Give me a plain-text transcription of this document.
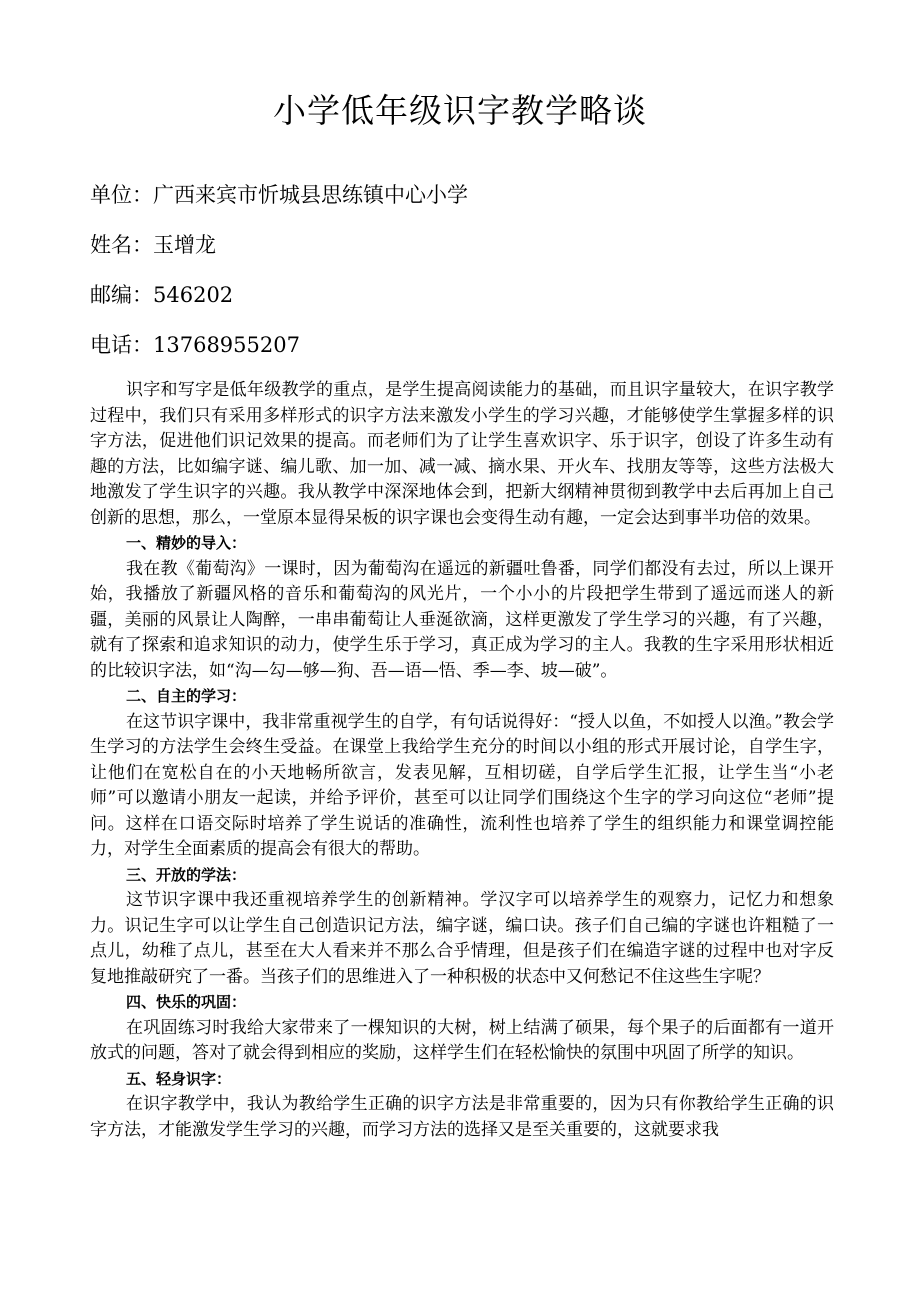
小学低年级识字教学略谈

单位：广西来宾市忻城县思练镇中心小学

姓名：玉增龙

邮编：546202

电话：13768955207

识字和写字是低年级教学的重点，是学生提高阅读能力的基础，而且识字量较大，在识字教学过程中，我们只有采用多样形式的识字方法来激发小学生的学习兴趣，才能够使学生掌握多样的识字方法，促进他们识记效果的提高。而老师们为了让学生喜欢识字、乐于识字，创设了许多生动有趣的方法，比如编字谜、编儿歌、加一加、减一减、摘水果、开火车、找朋友等等，这些方法极大地激发了学生识字的兴趣。我从教学中深深地体会到，把新大纲精神贯彻到教学中去后再加上自己创新的思想，那么，一堂原本显得呆板的识字课也会变得生动有趣，一定会达到事半功倍的效果。

一、精妙的导入：

我在教《葡萄沟》一课时，因为葡萄沟在遥远的新疆吐鲁番，同学们都没有去过，所以上课开始，我播放了新疆风格的音乐和葡萄沟的风光片，一个小小的片段把学生带到了遥远而迷人的新疆，美丽的风景让人陶醉，一串串葡萄让人垂涎欲滴，这样更激发了学生学习的兴趣，有了兴趣，就有了探索和追求知识的动力，使学生乐于学习，真正成为学习的主人。我教的生字采用形状相近的比较识字法，如“沟—勾—够—狗、吾—语—悟、季—李、坡—破”。

二、自主的学习：

在这节识字课中，我非常重视学生的自学，有句话说得好：“授人以鱼，不如授人以渔。”教会学生学习的方法学生会终生受益。在课堂上我给学生充分的时间以小组的形式开展讨论，自学生字，让他们在宽松自在的小天地畅所欲言，发表见解，互相切磋，自学后学生汇报，让学生当“小老师”可以邀请小朋友一起读，并给予评价，甚至可以让同学们围绕这个生字的学习向这位“老师”提问。这样在口语交际时培养了学生说话的准确性，流利性也培养了学生的组织能力和课堂调控能力，对学生全面素质的提高会有很大的帮助。

三、开放的学法：

这节识字课中我还重视培养学生的创新精神。学汉字可以培养学生的观察力，记忆力和想象力。识记生字可以让学生自己创造识记方法，编字谜，编口诀。孩子们自己编的字谜也许粗糙了一点儿，幼稚了点儿，甚至在大人看来并不那么合乎情理，但是孩子们在编造字谜的过程中也对字反复地推敲研究了一番。当孩子们的思维进入了一种积极的状态中又何愁记不住这些生字呢？

四、快乐的巩固：

在巩固练习时我给大家带来了一棵知识的大树，树上结满了硕果，每个果子的后面都有一道开放式的问题，答对了就会得到相应的奖励，这样学生们在轻松愉快的氛围中巩固了所学的知识。

五、轻身识字：

在识字教学中，我认为教给学生正确的识字方法是非常重要的，因为只有你教给学生正确的识字方法，才能激发学生学习的兴趣，而学习方法的选择又是至关重要的，这就要求我
